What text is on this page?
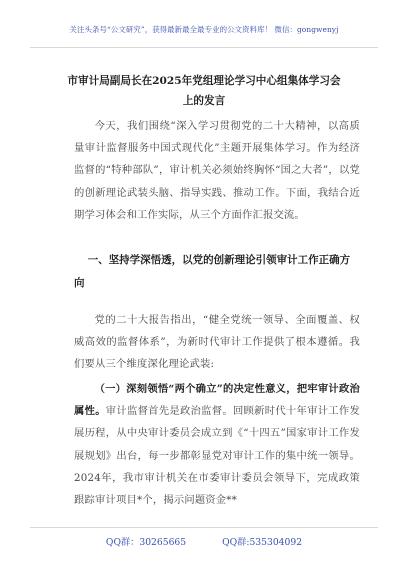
关注头条号“公文研究”，获得最新最全最专业的公文资料库！ 微信：gongwenyj
市审计局副局长在2025年党组理论学习中心组集体学习会
上的发言

今天，我们围绕“深入学习贯彻党的二十大精神，以高质量审计监督服务中国式现代化”主题开展集体学习。作为经济监督的“特种部队”，审计机关必须始终胸怀“国之大者”，以党的创新理论武装头脑、指导实践、推动工作。下面，我结合近期学习体会和工作实际，从三个方面作汇报交流。

一、坚持学深悟透，以党的创新理论引领审计工作正确方向

党的二十大报告指出，“健全党统一领导、全面覆盖、权威高效的监督体系”，为新时代审计工作提供了根本遵循。我们要从三个维度深化理论武装:

（一）深刻领悟“两个确立”的决定性意义，把牢审计政治属性。审计监督首先是政治监督。回顾新时代十年审计工作发展历程，从中央审计委员会成立到《“十四五”国家审计工作发展规划》出台，每一步都彰显党对审计工作的集中统一领导。2024年，我市审计机关在市委审计委员会领导下，完成政策跟踪审计项目*个，揭示问题资金**

QQ群：30265665	QQ群:535304092
